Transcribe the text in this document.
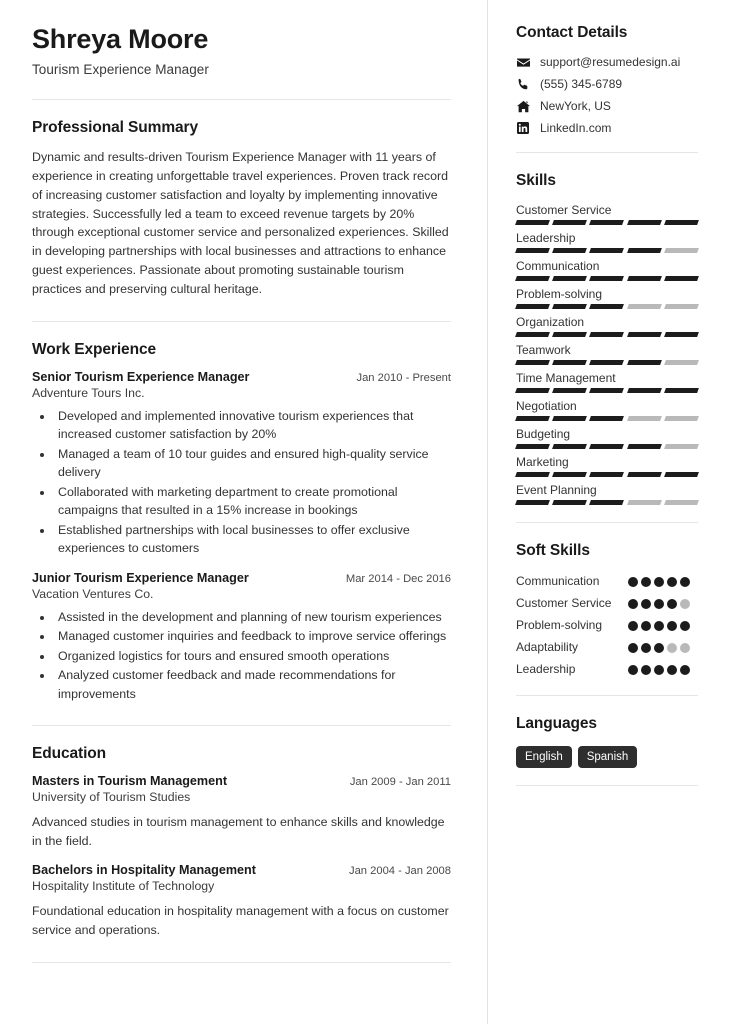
Shreya Moore
Tourism Experience Manager
Professional Summary
Dynamic and results-driven Tourism Experience Manager with 11 years of experience in creating unforgettable travel experiences. Proven track record of increasing customer satisfaction and loyalty by implementing innovative strategies. Successfully led a team to exceed revenue targets by 20% through exceptional customer service and personalized experiences. Skilled in developing partnerships with local businesses and attractions to enhance guest experiences. Passionate about promoting sustainable tourism practices and preserving cultural heritage.
Work Experience
Senior Tourism Experience Manager	Jan 2010 - Present
Adventure Tours Inc.
• Developed and implemented innovative tourism experiences that increased customer satisfaction by 20%
• Managed a team of 10 tour guides and ensured high-quality service delivery
• Collaborated with marketing department to create promotional campaigns that resulted in a 15% increase in bookings
• Established partnerships with local businesses to offer exclusive experiences to customers
Junior Tourism Experience Manager	Mar 2014 - Dec 2016
Vacation Ventures Co.
• Assisted in the development and planning of new tourism experiences
• Managed customer inquiries and feedback to improve service offerings
• Organized logistics for tours and ensured smooth operations
• Analyzed customer feedback and made recommendations for improvements
Education
Masters in Tourism Management	Jan 2009 - Jan 2011
University of Tourism Studies
Advanced studies in tourism management to enhance skills and knowledge in the field.
Bachelors in Hospitality Management	Jan 2004 - Jan 2008
Hospitality Institute of Technology
Foundational education in hospitality management with a focus on customer service and operations.
Contact Details
support@resumedesign.ai
(555) 345-6789
NewYork, US
LinkedIn.com
Skills
Customer Service
Leadership
Communication
Problem-solving
Organization
Teamwork
Time Management
Negotiation
Budgeting
Marketing
Event Planning
Soft Skills
Communication
Customer Service
Problem-solving
Adaptability
Leadership
Languages
English	Spanish
